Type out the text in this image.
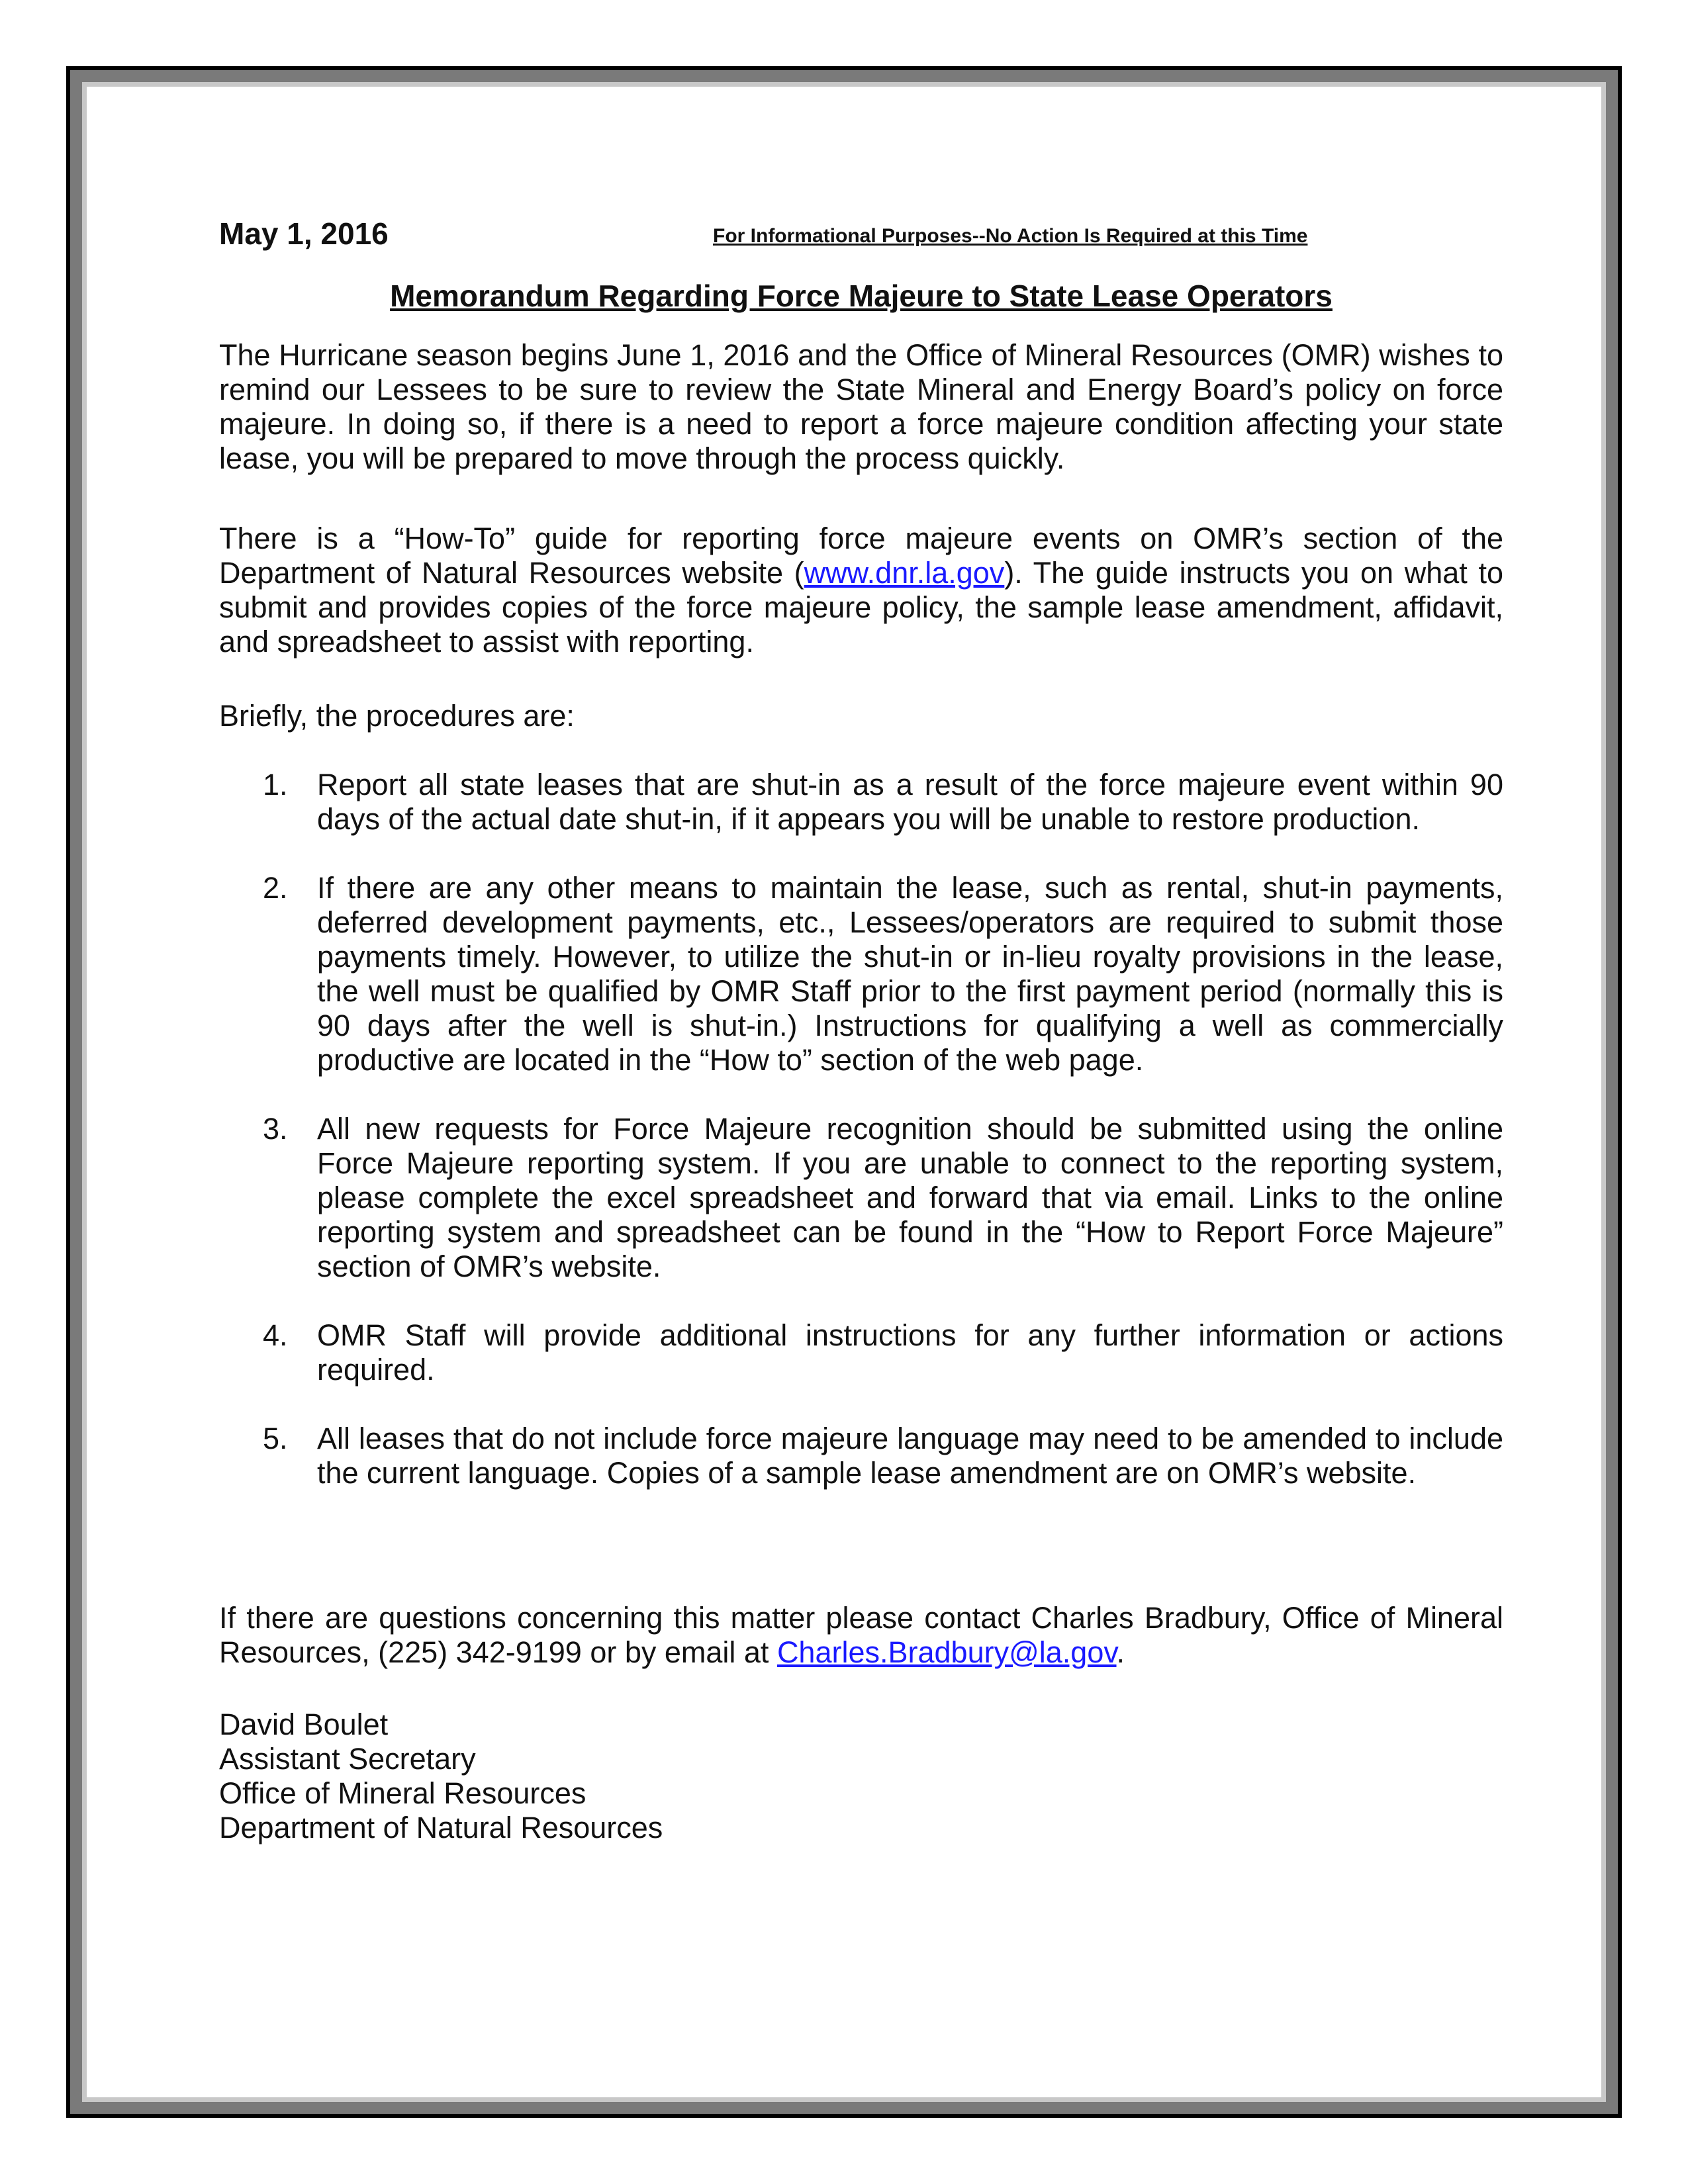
May 1, 2016	For Informational Purposes--No Action Is Required at this Time
Memorandum Regarding Force Majeure to State Lease Operators

The Hurricane season begins June 1, 2016 and the Office of Mineral Resources (OMR) wishes to remind our Lessees to be sure to review the State Mineral and Energy Board’s policy on force majeure. In doing so, if there is a need to report a force majeure condition affecting your state lease, you will be prepared to move through the process quickly.

There is a “How-To” guide for reporting force majeure events on OMR’s section of the Department of Natural Resources website (www.dnr.la.gov). The guide instructs you on what to submit and provides copies of the force majeure policy, the sample lease amendment, affidavit, and spreadsheet to assist with reporting.

Briefly, the procedures are:

1. Report all state leases that are shut-in as a result of the force majeure event within 90 days of the actual date shut-in, if it appears you will be unable to restore production.

2. If there are any other means to maintain the lease, such as rental, shut-in payments, deferred development payments, etc., Lessees/operators are required to submit those payments timely. However, to utilize the shut-in or in-lieu royalty provisions in the lease, the well must be qualified by OMR Staff prior to the first payment period (normally this is 90 days after the well is shut-in.) Instructions for qualifying a well as commercially productive are located in the “How to” section of the web page.

3. All new requests for Force Majeure recognition should be submitted using the online Force Majeure reporting system. If you are unable to connect to the reporting system, please complete the excel spreadsheet and forward that via email. Links to the online reporting system and spreadsheet can be found in the “How to Report Force Majeure” section of OMR’s website.

4. OMR Staff will provide additional instructions for any further information or actions required.

5. All leases that do not include force majeure language may need to be amended to include the current language. Copies of a sample lease amendment are on OMR’s website.

If there are questions concerning this matter please contact Charles Bradbury, Office of Mineral Resources, (225) 342-9199 or by email at Charles.Bradbury@la.gov.

David Boulet
Assistant Secretary
Office of Mineral Resources
Department of Natural Resources
